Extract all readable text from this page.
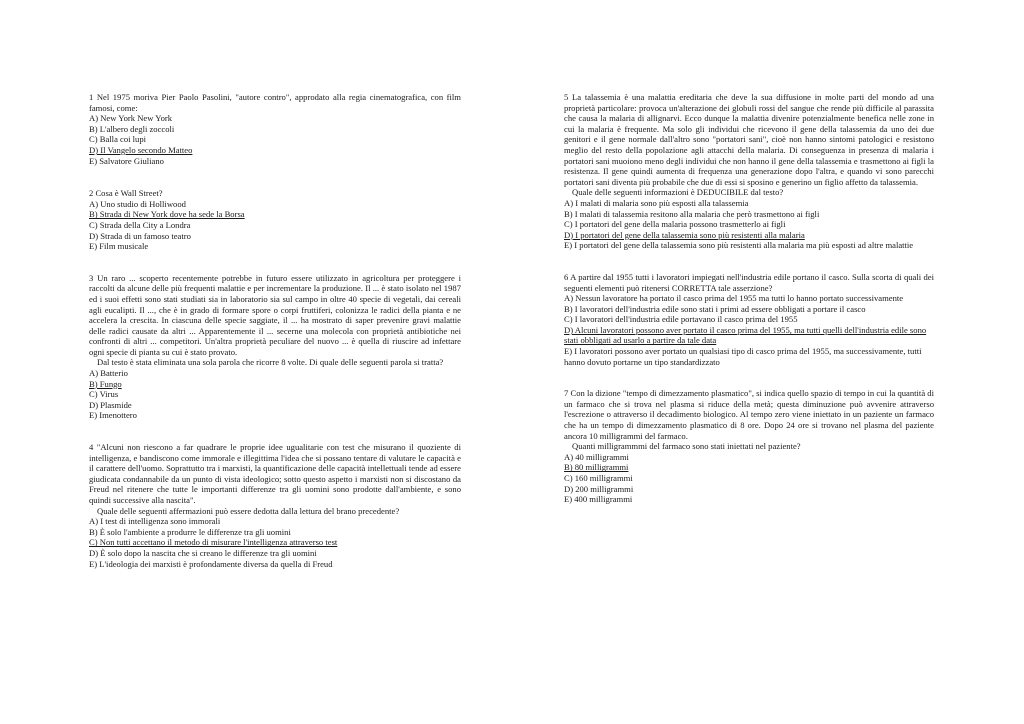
1 Nel 1975 moriva Pier Paolo Pasolini, "autore contro", approdato alla regia cinematografica, con film famosi, come:

A) New York New York

B) L'albero degli zoccoli

C) Balla coi lupi

D) Il Vangelo secondo Matteo

E) Salvatore Giuliano

2 Cosa è Wall Street?

A) Uno studio di Holliwood

B) Strada di New York dove ha sede la Borsa

C) Strada della City a Londra

D) Strada di un famoso teatro

E) Film musicale

3 Un raro ... scoperto recentemente potrebbe in futuro essere utilizzato in agricoltura per proteggere i raccolti da alcune delle più frequenti malattie e per incrementare la produzione. Il ... è stato isolato nel 1987 ed i suoi effetti sono stati studiati sia in laboratorio sia sul campo in oltre 40 specie di vegetali, dai cereali agli eucalipti. Il ..., che è in grado di formare spore o corpi fruttiferi, colonizza le radici della pianta e ne accelera la crescita. In ciascuna delle specie saggiate, il ... ha mostrato di saper prevenire gravi malattie delle radici causate da altri ... Apparentemente il ... secerne una molecola con proprietà antibiotiche nei confronti di altri ... competitori. Un'altra proprietà peculiare del nuovo ... è quella di riuscire ad infettare ogni specie di pianta su cui è stato provato.

Dal testo è stata eliminata una sola parola che ricorre 8 volte. Di quale delle seguenti parola si tratta?

A) Batterio

B) Fungo

C) Virus

D) Plasmide

E) Imenottero

4 "Alcuni non riescono a far quadrare le proprie idee ugualitarie con test che misurano il quoziente di intelligenza, e bandiscono come immorale e illegittima l'idea che si possano tentare di valutare le capacità e il carattere dell'uomo. Soprattutto tra i marxisti, la quantificazione delle capacità intellettuali tende ad essere giudicata condannabile da un punto di vista ideologico; sotto questo aspetto i marxisti non si discostano da Freud nel ritenere che tutte le importanti differenze tra gli uomini sono prodotte dall'ambiente, e sono quindi successive alla nascita".

Quale delle seguenti affermazioni può essere dedotta dalla lettura del brano precedente?

A) I test di intelligenza sono immorali

B) È solo l'ambiente a produrre le differenze tra gli uomini

C) Non tutti accettano il metodo di misurare l'intelligenza attraverso test

D) È solo dopo la nascita che si creano le differenze tra gli uomini

E) L'ideologia dei marxisti è profondamente diversa da quella di Freud

5 La talassemia è una malattia ereditaria che deve la sua diffusione in molte parti del mondo ad una proprietà particolare: provoca un'alterazione dei globuli rossi del sangue che rende più difficile al parassita che causa la malaria di allignarvi. Ecco dunque la malattia divenire potenzialmente benefica nelle zone in cui la malaria è frequente. Ma solo gli individui che ricevono il gene della talassemia da uno dei due genitori e il gene normale dall'altro sono "portatori sani", cioè non hanno sintomi patologici e resistono meglio del resto della popolazione agli attacchi della malaria. Di conseguenza in presenza di malaria i portatori sani muoiono meno degli individui che non hanno il gene della talassemia e trasmettono ai figli la resistenza. Il gene quindi aumenta di frequenza una generazione dopo l'altra, e quando vi sono parecchi portatori sani diventa più probabile che due di essi si sposino e generino un figlio affetto da talassemia.

Quale delle seguenti informazioni è DEDUCIBILE dal testo?

A) I malati di malaria sono più esposti alla talassemia

B) I malati di talassemia resitono alla malaria che però trasmettono ai figli

C) I portatori del gene della malaria possono trasmetterlo ai figli

D) I portatori del gene della talassemia sono più resistenti alla malaria

E) I portatori del gene della talassemia sono più resistenti alla malaria ma più esposti ad altre malattie

6 A partire dal 1955 tutti i lavoratori impiegati nell'industria edile portano il casco. Sulla scorta di quali dei seguenti elementi può ritenersi CORRETTA tale asserzione?

A) Nessun lavoratore ha portato il casco prima del 1955 ma tutti lo hanno portato successivamente

B) I lavoratori dell'industria edile sono stati i primi ad essere obbligati a portare il casco

C) I lavoratori dell'industria edile portavano il casco prima del 1955

D) Alcuni lavoratori possono aver portato il casco prima del 1955, ma tutti quelli dell'industria edile sono stati obbligati ad usarlo a partire da tale data

E) I lavoratori possono aver portato un qualsiasi tipo di casco prima del 1955, ma successivamente, tutti hanno dovuto portarne un tipo standardizzato

7 Con la dizione "tempo di dimezzamento plasmatico", si indica quello spazio di tempo in cui la quantità di un farmaco che si trova nel plasma si riduce della metà; questa diminuzione può avvenire attraverso l'escrezione o attraverso il decadimento biologico. Al tempo zero viene iniettato in un paziente un farmaco che ha un tempo di dimezzamento plasmatico di 8 ore. Dopo 24 ore si trovano nel plasma del paziente ancora 10 milligrammi del farmaco.

Quanti milligrammmi del farmaco sono stati iniettati nel paziente?

A) 40 milligrammi

B) 80 milligrammi

C) 160 milligrammi

D) 200 milligrammi

E) 400 milligrammi
